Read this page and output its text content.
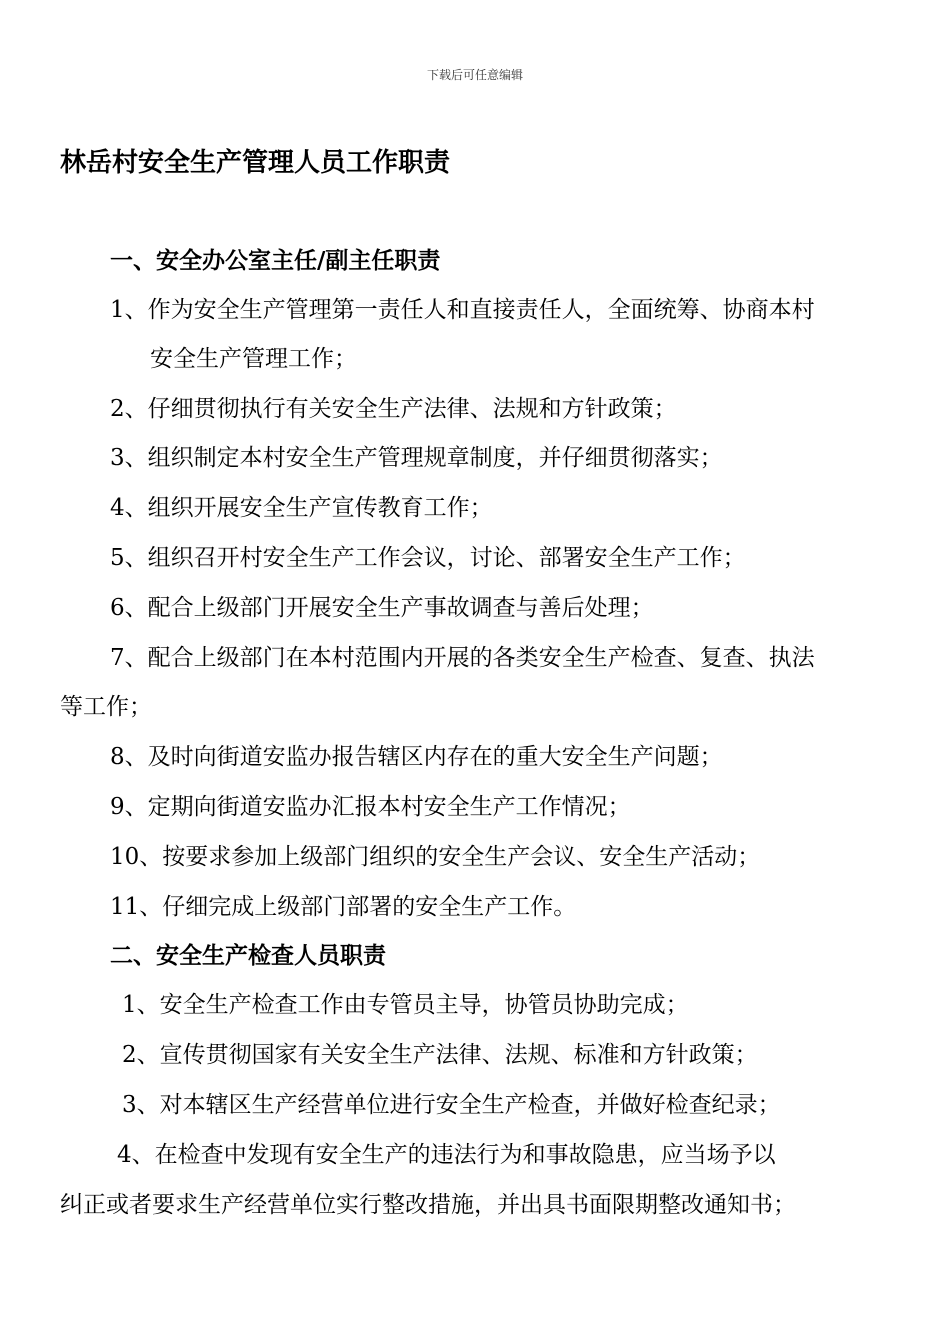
下载后可任意编辑
林岳村安全生产管理人员工作职责
一、安全办公室主任/副主任职责
1、作为安全生产管理第一责任人和直接责任人，全面统筹、协商本村
安全生产管理工作；
2、仔细贯彻执行有关安全生产法律、法规和方针政策；
3、组织制定本村安全生产管理规章制度，并仔细贯彻落实；
4、组织开展安全生产宣传教育工作；
5、组织召开村安全生产工作会议，讨论、部署安全生产工作；
6、配合上级部门开展安全生产事故调查与善后处理；
7、配合上级部门在本村范围内开展的各类安全生产检查、复查、执法
等工作；
8、及时向街道安监办报告辖区内存在的重大安全生产问题；
9、定期向街道安监办汇报本村安全生产工作情况；
10、按要求参加上级部门组织的安全生产会议、安全生产活动；
11、仔细完成上级部门部署的安全生产工作。
二、安全生产检查人员职责
1、安全生产检查工作由专管员主导，协管员协助完成；
2、宣传贯彻国家有关安全生产法律、法规、标准和方针政策；
3、对本辖区生产经营单位进行安全生产检查，并做好检查纪录；
4、在检查中发现有安全生产的违法行为和事故隐患，应当场予以
纠正或者要求生产经营单位实行整改措施，并出具书面限期整改通知书；
